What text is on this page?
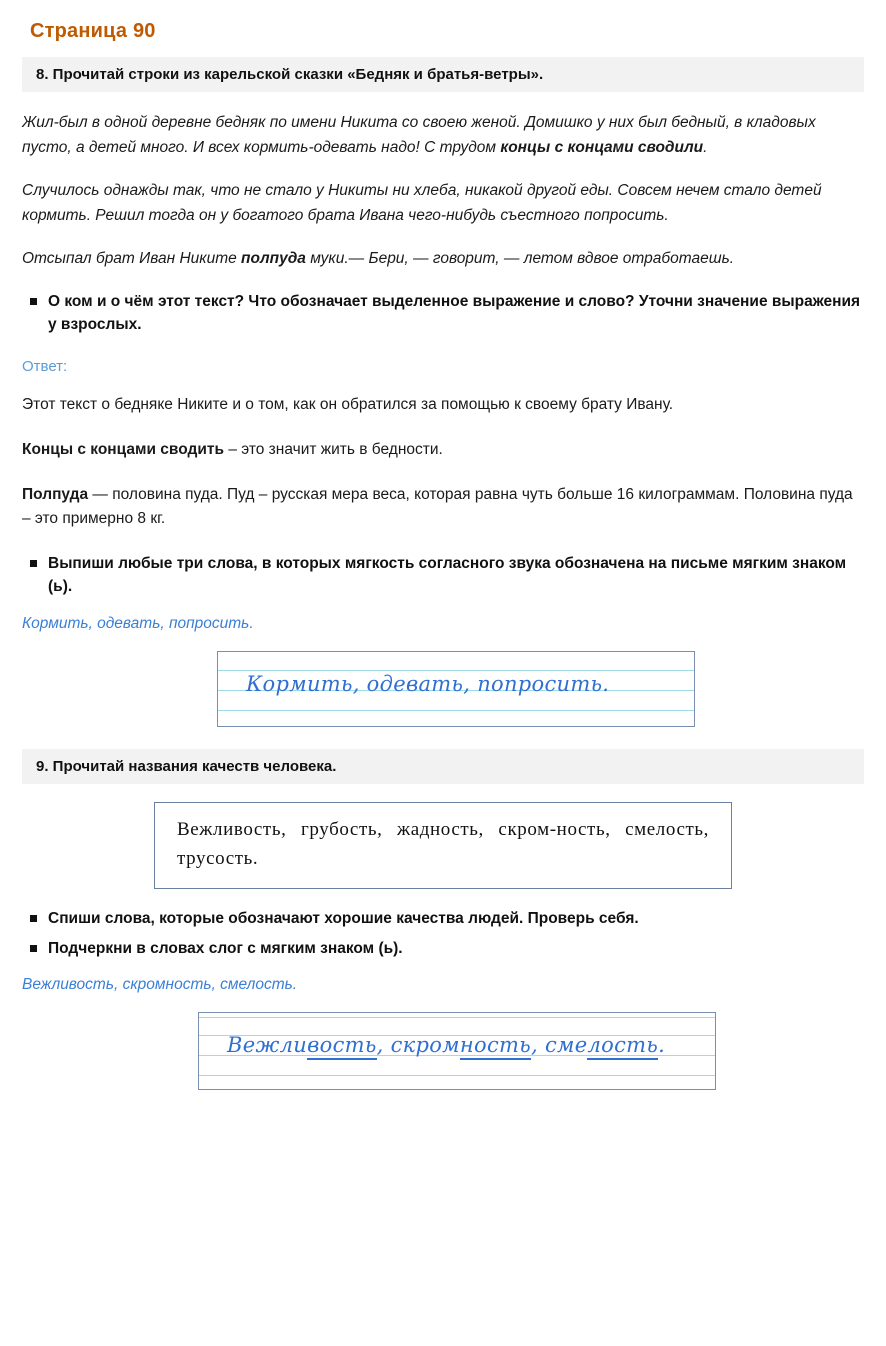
Страница 90
8. Прочитай строки из карельской сказки «Бедняк и братья-ветры».

Жил-был в одной деревне бедняк по имени Никита со своею женой. Домишко у них был бедный, в кладовых пусто, а детей много. И всех кормить-одевать надо! С трудом концы с концами сводили.

Случилось однажды так, что не стало у Никиты ни хлеба, никакой другой еды. Совсем нечем стало детей кормить. Решил тогда он у богатого брата Ивана чего-нибудь съестного попросить.

Отсыпал брат Иван Никите полпуда муки.— Бери, — говорит, — летом вдвое отработаешь.

О ком и о чём этот текст? Что обозначает выделенное выражение и слово? Уточни значение выражения у взрослых.
Ответ:

Этот текст о бедняке Никите и о том, как он обратился за помощью к своему брату Ивану.

Концы с концами сводить – это значит жить в бедности.

Полпуда — половина пуда. Пуд – русская мера веса, которая равна чуть больше 16 килограммам. Половина пуда – это примерно 8 кг.

Выпиши любые три слова, в которых мягкость согласного звука обозначена на письме мягким знаком (ь).
Кормить, одевать, попросить.
Кормить, одевать, попросить.
9. Прочитай названия качеств человека.
Вежливость, грубость, жадность, скром-ность, смелость, трусость.
Спиши слова, которые обозначают хорошие качества людей. Проверь себя.
Подчеркни в словах слог с мягким знаком (ь).
Вежливость, скромность, смелость.
Вежливость, скромность, смелость.
